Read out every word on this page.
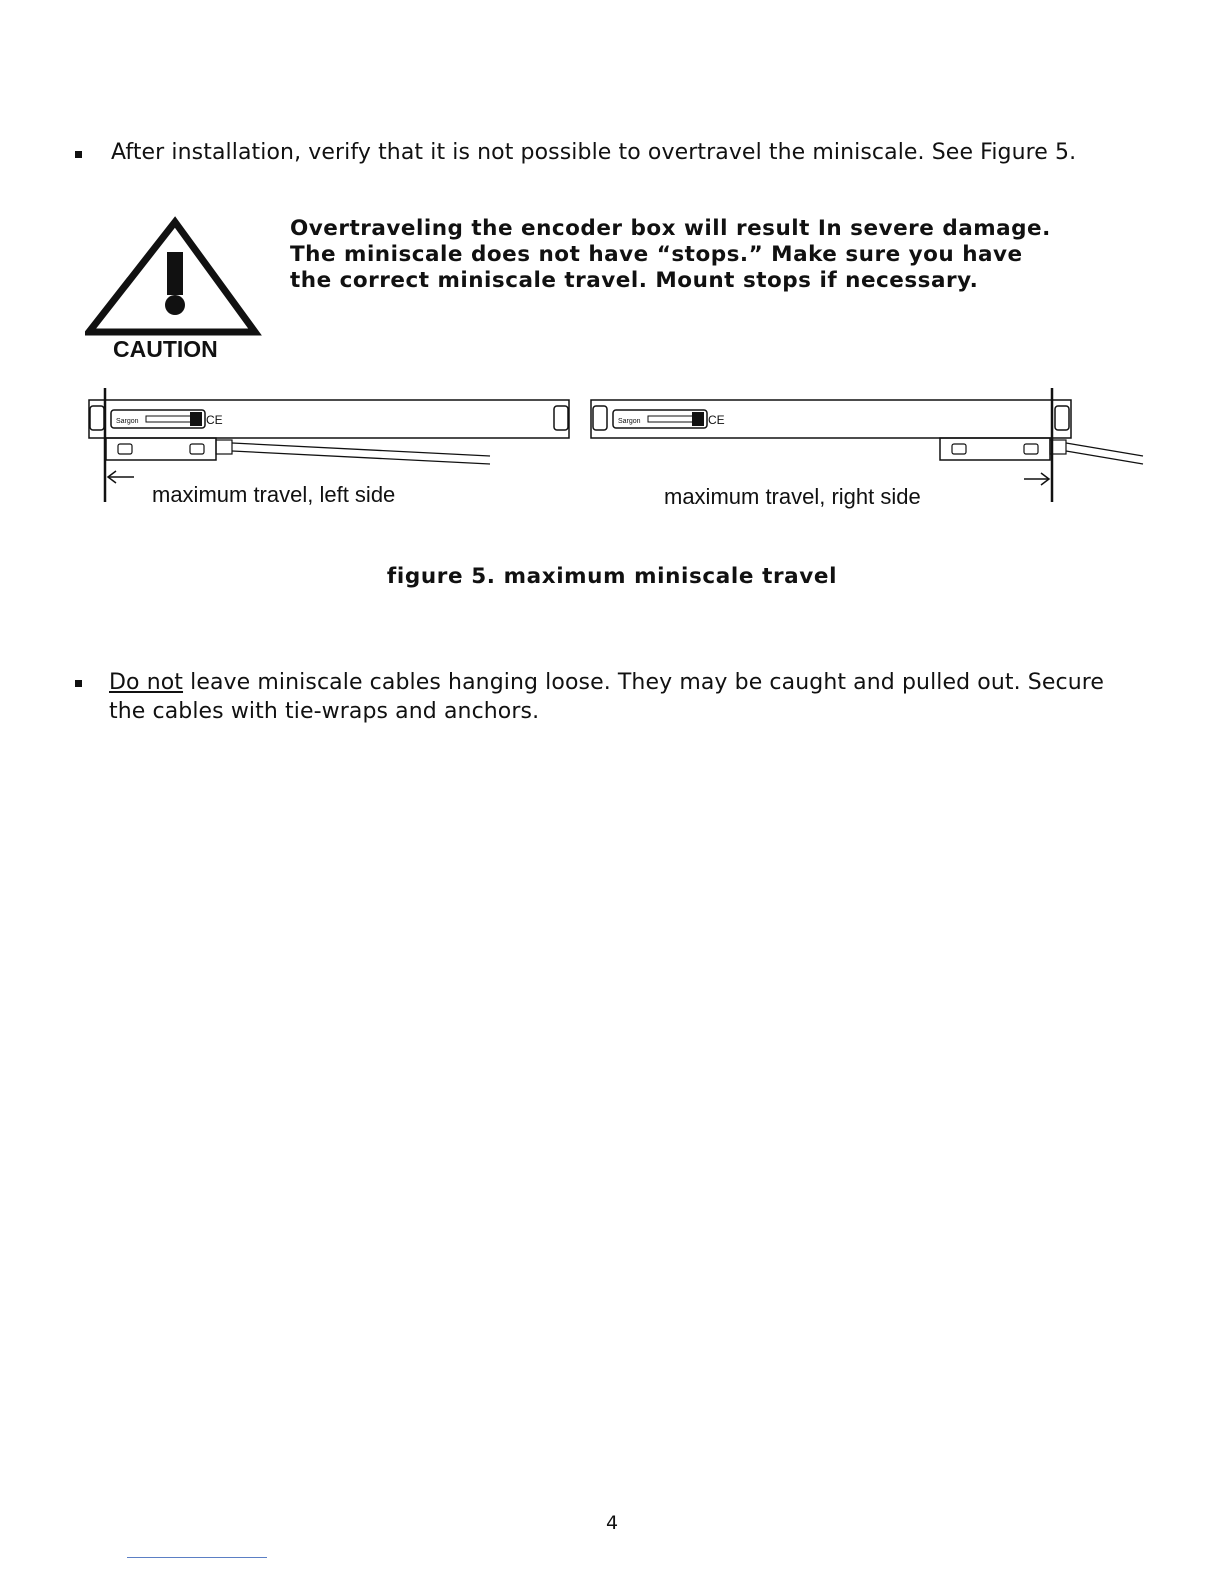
After installation, verify that it is not possible to overtravel the miniscale. See Figure 5.
CAUTION
Overtraveling the encoder box will result In severe damage.
The miniscale does not have “stops.” Make sure you have
the correct miniscale travel. Mount stops if necessary.
Sargon	CE	Sargon	CE
maximum travel, left side	maximum travel, right side
figure 5. maximum miniscale travel
Do not leave miniscale cables hanging loose. They may be caught and pulled out. Secure
the cables with tie-wraps and anchors.
4
